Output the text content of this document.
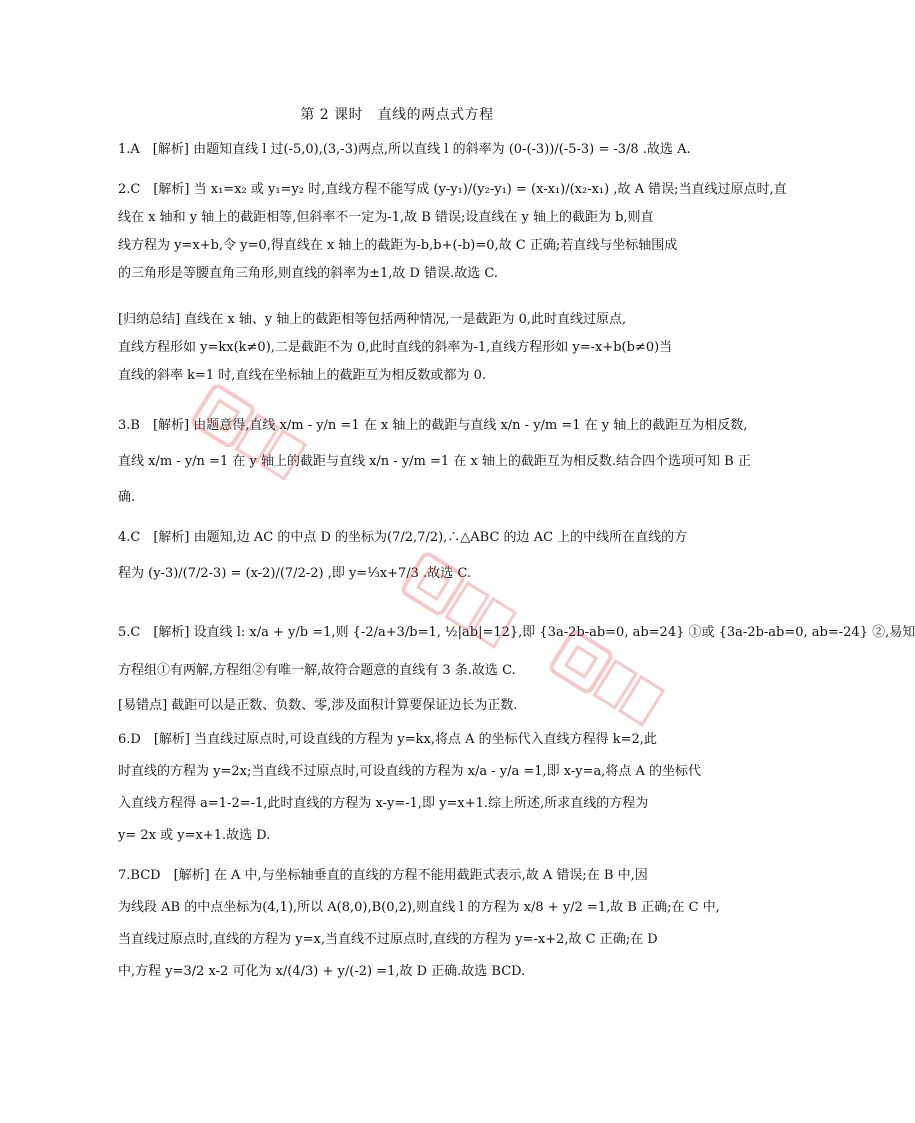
第 2 课时　直线的两点式方程
1.A　[解析] 由题知直线 l 过(-5,0),(3,-3)两点,所以直线 l 的斜率为 (0-(-3))/(-5-3) = -3/8 .故选 A.
2.C　[解析] 当 x₁=x₂ 或 y₁=y₂ 时,直线方程不能写成 (y-y₁)/(y₂-y₁) = (x-x₁)/(x₂-x₁) ,故 A 错误;当直线过原点时,直
线在 x 轴和 y 轴上的截距相等,但斜率不一定为-1,故 B 错误;设直线在 y 轴上的截距为 b,则直
线方程为 y=x+b,令 y=0,得直线在 x 轴上的截距为-b,b+(-b)=0,故 C 正确;若直线与坐标轴围成
的三角形是等腰直角三角形,则直线的斜率为±1,故 D 错误.故选 C.
[归纳总结] 直线在 x 轴、y 轴上的截距相等包括两种情况,一是截距为 0,此时直线过原点,
直线方程形如 y=kx(k≠0),二是截距不为 0,此时直线的斜率为-1,直线方程形如 y=-x+b(b≠0)当
直线的斜率 k=1 时,直线在坐标轴上的截距互为相反数或都为 0.
3.B　[解析] 由题意得,直线 x/m - y/n =1 在 x 轴上的截距与直线 x/n - y/m =1 在 y 轴上的截距互为相反数,
直线 x/m - y/n =1 在 y 轴上的截距与直线 x/n - y/m =1 在 x 轴上的截距互为相反数.结合四个选项可知 B 正
确.
4.C　[解析] 由题知,边 AC 的中点 D 的坐标为(7/2,7/2),∴△ABC 的边 AC 上的中线所在直线的方
程为 (y-3)/(7/2-3) = (x-2)/(7/2-2) ,即 y=⅓x+7/3 .故选 C.
5.C　[解析] 设直线 l: x/a + y/b =1,则 {-2/a+3/b=1, ½|ab|=12},即 {3a-2b-ab=0, ab=24} ①或 {3a-2b-ab=0, ab=-24} ②,易知
方程组①有两解,方程组②有唯一解,故符合题意的直线有 3 条.故选 C.
[易错点] 截距可以是正数、负数、零,涉及面积计算要保证边长为正数.
6.D　[解析] 当直线过原点时,可设直线的方程为 y=kx,将点 A 的坐标代入直线方程得 k=2,此
时直线的方程为 y=2x;当直线不过原点时,可设直线的方程为 x/a - y/a =1,即 x-y=a,将点 A 的坐标代
入直线方程得 a=1-2=-1,此时直线的方程为 x-y=-1,即 y=x+1.综上所述,所求直线的方程为
y= 2x 或 y=x+1.故选 D.
7.BCD　[解析] 在 A 中,与坐标轴垂直的直线的方程不能用截距式表示,故 A 错误;在 B 中,因
为线段 AB 的中点坐标为(4,1),所以 A(8,0),B(0,2),则直线 l 的方程为 x/8 + y/2 =1,故 B 正确;在 C 中,
当直线过原点时,直线的方程为 y=x,当直线不过原点时,直线的方程为 y=-x+2,故 C 正确;在 D
中,方程 y=3/2 x-2 可化为 x/(4/3) + y/(-2) =1,故 D 正确.故选 BCD.
